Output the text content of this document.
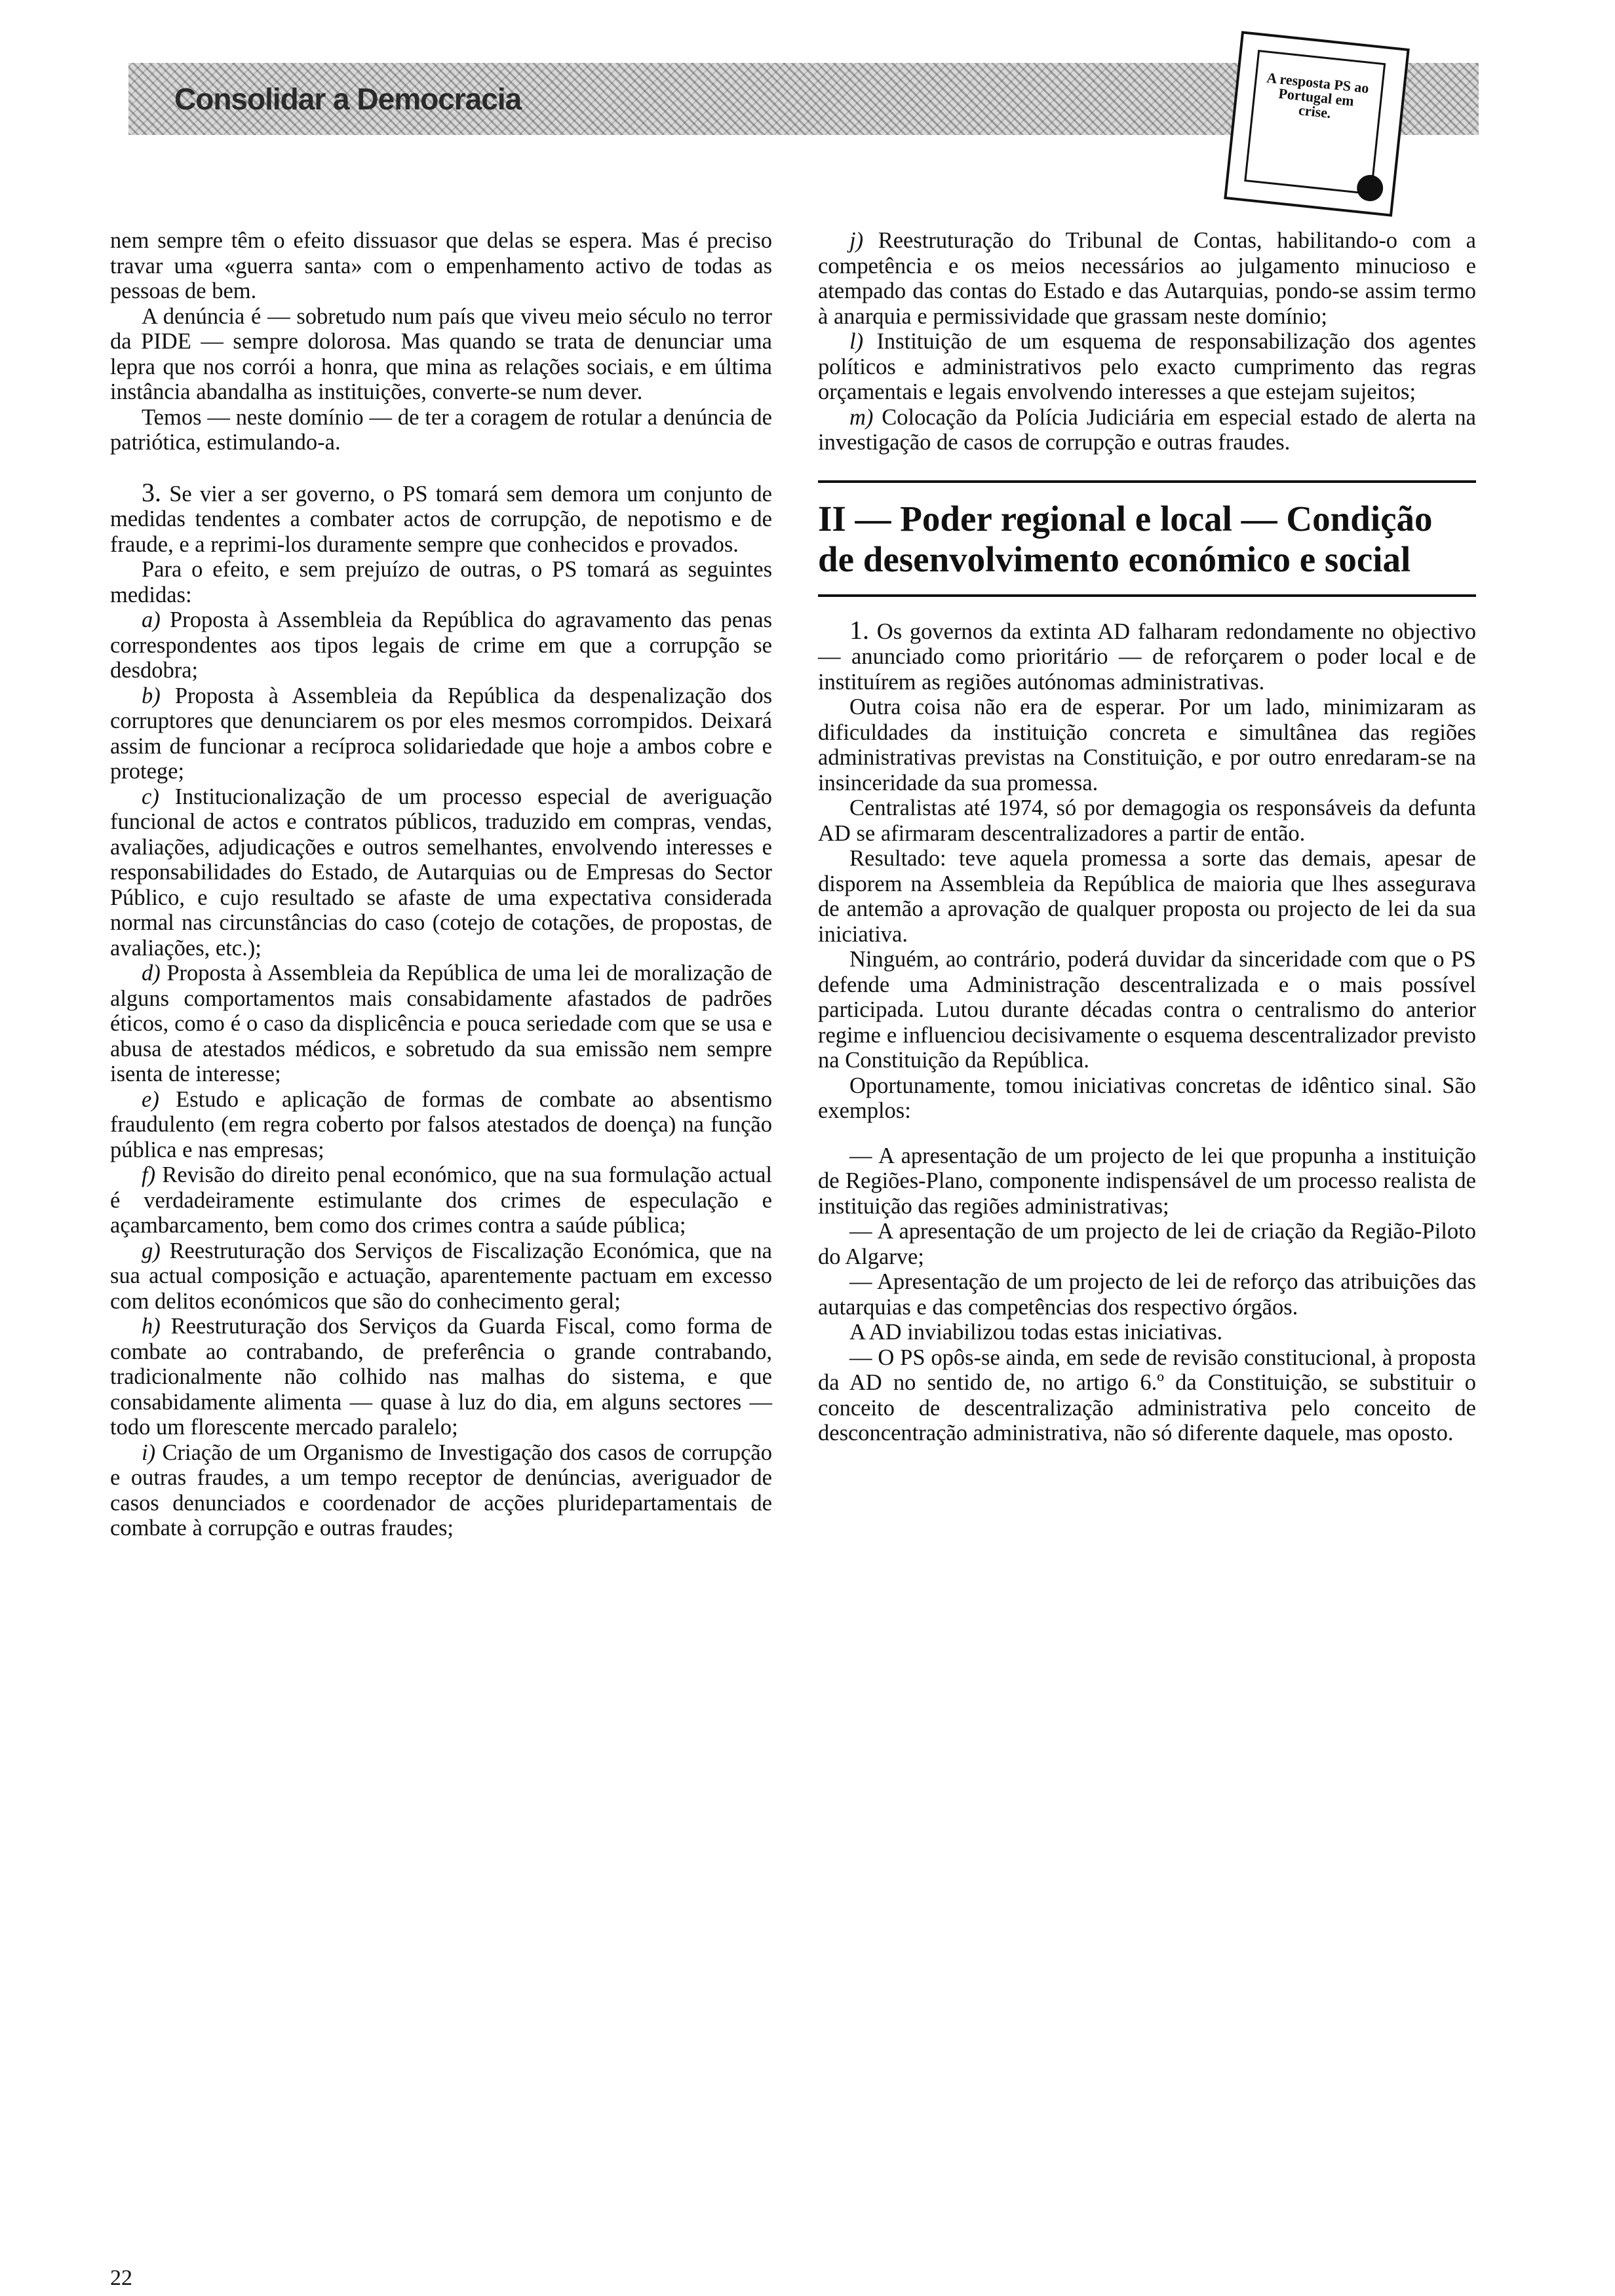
Consolidar a Democracia	A resposta PS ao Portugal em crise.

nem sempre têm o efeito dissuasor que delas se espera. Mas é preciso travar uma «guerra santa» com o empenhamento activo de todas as pessoas de bem.

A denúncia é — sobretudo num país que viveu meio século no terror da PIDE — sempre dolorosa. Mas quando se trata de denunciar uma lepra que nos corrói a honra, que mina as relações sociais, e em última instância abandalha as instituições, converte-se num dever.

Temos — neste domínio — de ter a coragem de rotular a denúncia de patriótica, estimulando-a.

3. Se vier a ser governo, o PS tomará sem demora um conjunto de medidas tendentes a combater actos de corrupção, de nepotismo e de fraude, e a reprimi-los duramente sempre que conhecidos e provados.

Para o efeito, e sem prejuízo de outras, o PS tomará as seguintes medidas:

a) Proposta à Assembleia da República do agravamento das penas correspondentes aos tipos legais de crime em que a corrupção se desdobra;

b) Proposta à Assembleia da República da despenalização dos corruptores que denunciarem os por eles mesmos corrompidos. Deixará assim de funcionar a recíproca solidariedade que hoje a ambos cobre e protege;

c) Institucionalização de um processo especial de averiguação funcional de actos e contratos públicos, traduzido em compras, vendas, avaliações, adjudicações e outros semelhantes, envolvendo interesses e responsabilidades do Estado, de Autarquias ou de Empresas do Sector Público, e cujo resultado se afaste de uma expectativa considerada normal nas circunstâncias do caso (cotejo de cotações, de propostas, de avaliações, etc.);

d) Proposta à Assembleia da República de uma lei de moralização de alguns comportamentos mais consabidamente afastados de padrões éticos, como é o caso da displicência e pouca seriedade com que se usa e abusa de atestados médicos, e sobretudo da sua emissão nem sempre isenta de interesse;

e) Estudo e aplicação de formas de combate ao absentismo fraudulento (em regra coberto por falsos atestados de doença) na função pública e nas empresas;

f) Revisão do direito penal económico, que na sua formulação actual é verdadeiramente estimulante dos crimes de especulação e açambarcamento, bem como dos crimes contra a saúde pública;

g) Reestruturação dos Serviços de Fiscalização Económica, que na sua actual composição e actuação, aparentemente pactuam em excesso com delitos económicos que são do conhecimento geral;

h) Reestruturação dos Serviços da Guarda Fiscal, como forma de combate ao contrabando, de preferência o grande contrabando, tradicionalmente não colhido nas malhas do sistema, e que consabidamente alimenta — quase à luz do dia, em alguns sectores — todo um florescente mercado paralelo;

i) Criação de um Organismo de Investigação dos casos de corrupção e outras fraudes, a um tempo receptor de denúncias, averiguador de casos denunciados e coordenador de acções pluridepartamentais de combate à corrupção e outras fraudes;

j) Reestruturação do Tribunal de Contas, habilitando-o com a competência e os meios necessários ao julgamento minucioso e atempado das contas do Estado e das Autarquias, pondo-se assim termo à anarquia e permissividade que grassam neste domínio;

l) Instituição de um esquema de responsabilização dos agentes políticos e administrativos pelo exacto cumprimento das regras orçamentais e legais envolvendo interesses a que estejam sujeitos;

m) Colocação da Polícia Judiciária em especial estado de alerta na investigação de casos de corrupção e outras fraudes.

II — Poder regional e local — Condição de desenvolvimento económico e social

1. Os governos da extinta AD falharam redondamente no objectivo — anunciado como prioritário — de reforçarem o poder local e de instituírem as regiões autónomas administrativas.

Outra coisa não era de esperar. Por um lado, minimizaram as dificuldades da instituição concreta e simultânea das regiões administrativas previstas na Constituição, e por outro enredaram-se na insinceridade da sua promessa.

Centralistas até 1974, só por demagogia os responsáveis da defunta AD se afirmaram descentralizadores a partir de então.

Resultado: teve aquela promessa a sorte das demais, apesar de disporem na Assembleia da República de maioria que lhes assegurava de antemão a aprovação de qualquer proposta ou projecto de lei da sua iniciativa.

Ninguém, ao contrário, poderá duvidar da sinceridade com que o PS defende uma Administração descentralizada e o mais possível participada. Lutou durante décadas contra o centralismo do anterior regime e influenciou decisivamente o esquema descentralizador previsto na Constituição da República.

Oportunamente, tomou iniciativas concretas de idêntico sinal. São exemplos:

— A apresentação de um projecto de lei que propunha a instituição de Regiões-Plano, componente indispensável de um processo realista de instituição das regiões administrativas;

— A apresentação de um projecto de lei de criação da Região-Piloto do Algarve;

— Apresentação de um projecto de lei de reforço das atribuições das autarquias e das competências dos respectivo órgãos.

A AD inviabilizou todas estas iniciativas.

— O PS opôs-se ainda, em sede de revisão constitucional, à proposta da AD no sentido de, no artigo 6.º da Constituição, se substituir o conceito de descentralização administrativa pelo conceito de desconcentração administrativa, não só diferente daquele, mas oposto.

22
